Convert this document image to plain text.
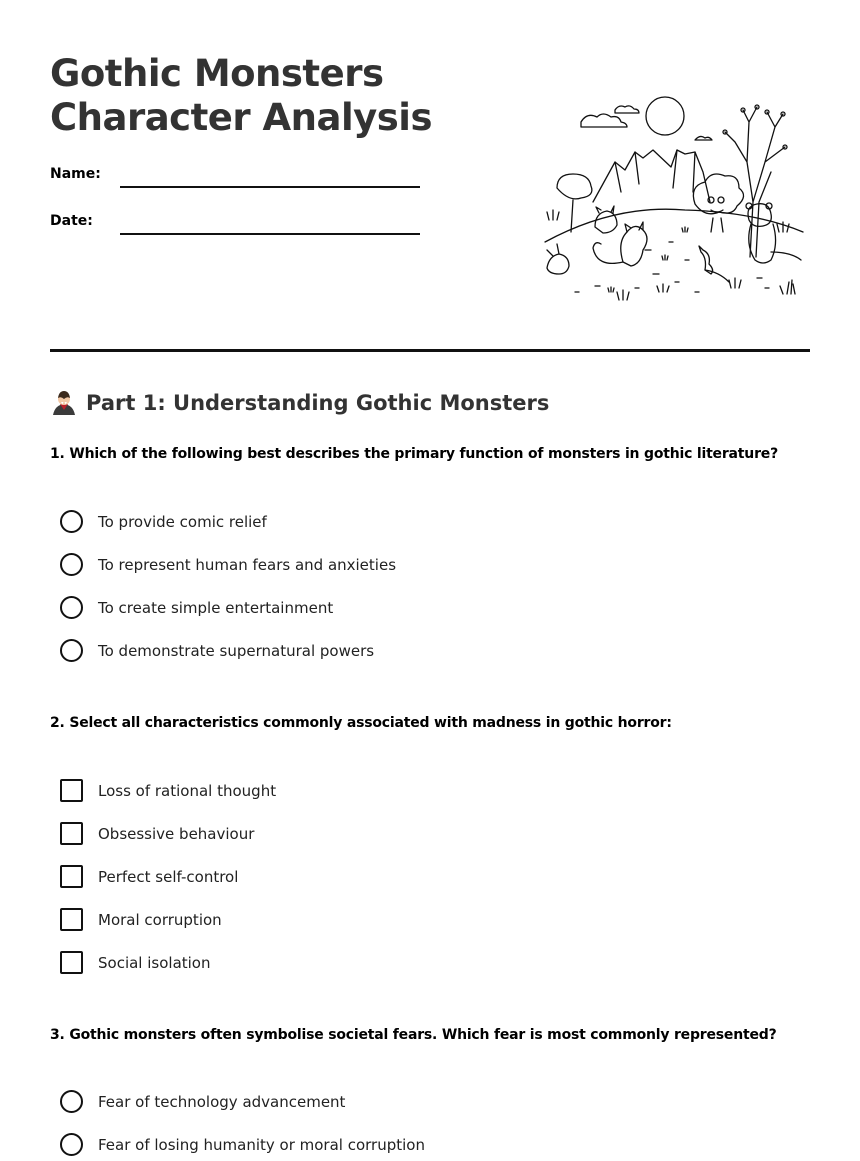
Gothic Monsters Character Analysis
Name:
Date:
Part 1: Understanding Gothic Monsters
1. Which of the following best describes the primary function of monsters in gothic literature?
To provide comic relief
To represent human fears and anxieties
To create simple entertainment
To demonstrate supernatural powers
2. Select all characteristics commonly associated with madness in gothic horror:
Loss of rational thought
Obsessive behaviour
Perfect self-control
Moral corruption
Social isolation
3. Gothic monsters often symbolise societal fears. Which fear is most commonly represented?
Fear of technology advancement
Fear of losing humanity or moral corruption
